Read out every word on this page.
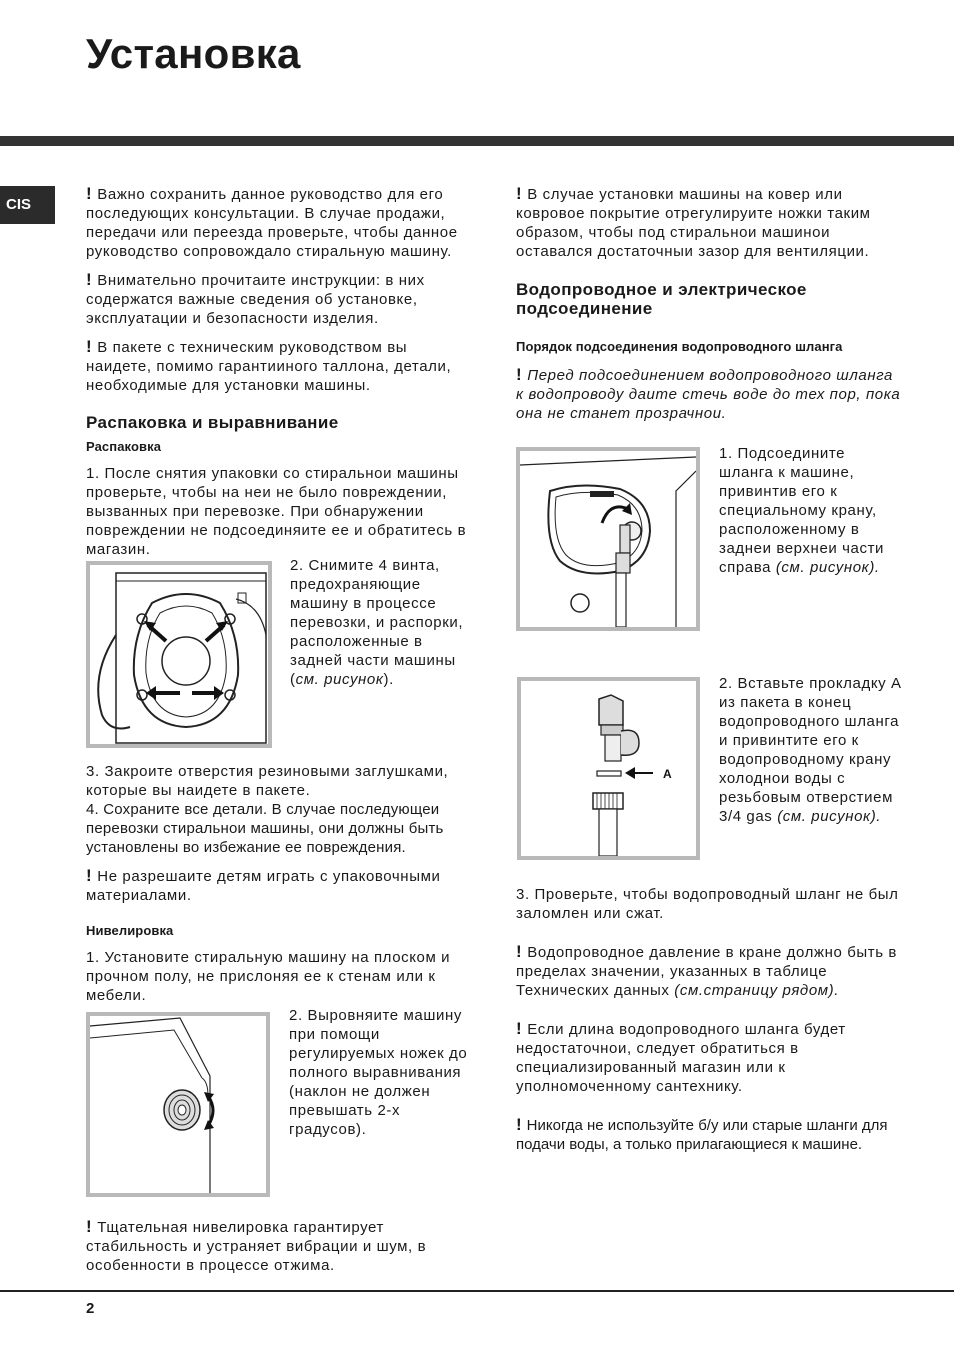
Установка
CIS

! Важно сохранить данное руководство для его последующих консультации. В случае продажи, передачи или переезда проверьте, чтобы данное руководство сопровождало стиральную машину.

! Внимательно прочитаите инструкции: в них содержатся важные сведения об установке, эксплуатации и безопасности изделия.

! В пакете с техническим руководством вы наидете, помимо гарантииного таллона, детали, необходимые для установки машины.

Распаковка и выравнивание
Распаковка
1. После снятия упаковки со стиральнои машины проверьте, чтобы на неи не было повреждении, вызванных при перевозке. При обнаружении повреждении не подсоединяите ее и обратитесь в магазин.
2. Снимите 4 винта, предохраняющие машину в процессе перевозки, и распорки, расположенные в задней части машины (см. рисунок).

3. Закроите отверстия резиновыми заглушками, которые вы наидете в пакете.

4. Сохраните все детали. В случае последующеи перевозки стиральнои машины, они должны быть установлены во избежание ее повреждения.

! Не разрешаите детям играть с упаковочными материалами.

Нивелировка
1. Установите стиральную машину на плоском и прочном полу, не прислоняя ее к стенам или к мебели.
2. Выровняите машину при помощи регулируемых ножек до полного выравнивания (наклон не должен превышать 2-х градусов).
! Тщательная нивелировка гарантирует стабильность и устраняет вибрации и шум, в особенности в процессе отжима.
! В случае установки машины на ковер или ковровое покрытие отрегулируите ножки таким образом, чтобы под стиральнои машинои оставался достаточныи зазор для вентиляции.
Водопроводное и электрическое подсоединение
Порядок подсоединения водопроводного шланга
! Перед подсоединением водопроводного шланга к водопроводу даите стечь воде до тех пор, пока она не станет прозрачнои.
1. Подсоедините шланга к машине, привинтив его к специальному крану, расположенному в заднеи верхнеи части справа (см. рисунок).
A
2. Вставьте прокладку А из пакета в конец водопроводного шланга и привинтите его к водопроводному крану холоднои воды с резьбовым отверстием 3/4 gas (см. рисунок).

3. Проверьте, чтобы водопроводный шланг не был заломлен или сжат.

! Водопроводное давление в кране должно быть в пределах значении, указанных в таблице Технических данных (см.страницу рядом).

! Если длина водопроводного шланга будет недостаточнои, следует обратиться в специализированный магазин или к уполномоченному сантехнику.

! Никогда не используйте б/у или старые шланги для подачи воды, а только прилагающиеся к машине.

2
